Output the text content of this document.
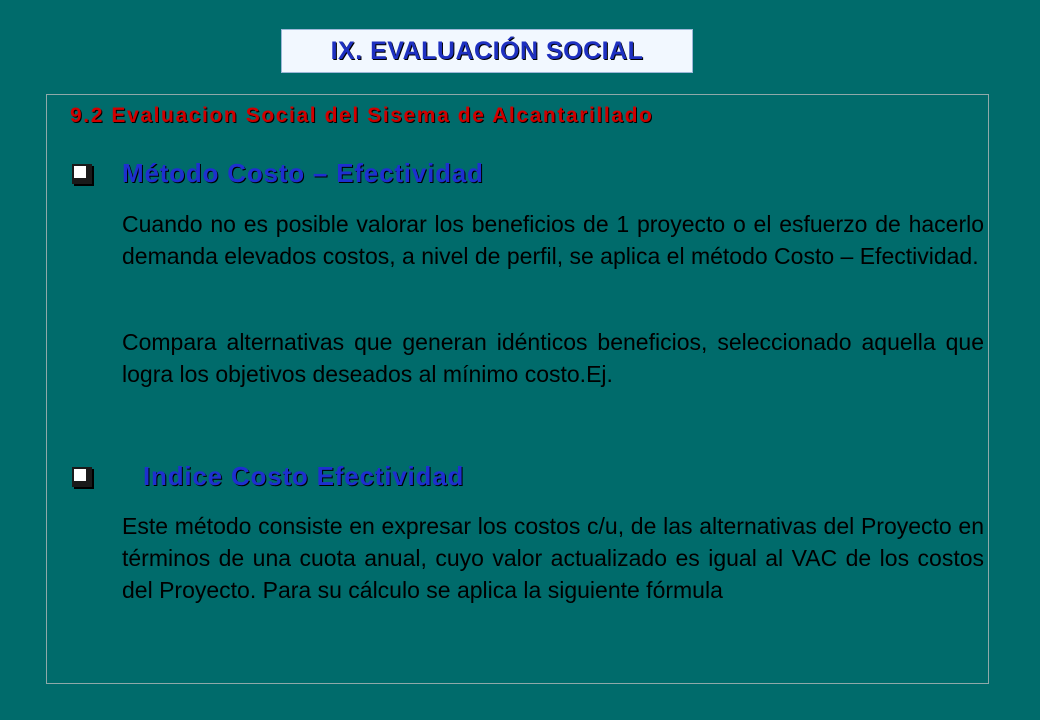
IX. EVALUACIÓN SOCIAL
9.2 Evaluacion Social del Sisema de Alcantarillado
Método Costo – Efectividad

Cuando no es posible valorar los beneficios de 1 proyecto o el esfuerzo de hacerlo demanda elevados costos, a nivel de perfil, se aplica el método Costo – Efectividad.

Compara alternativas que generan idénticos beneficios, seleccionado aquella que logra los objetivos deseados al mínimo costo.Ej.

Indice Costo Efectividad

Este método consiste en expresar los costos c/u, de las alternativas del Proyecto en términos de una cuota anual, cuyo valor actualizado es igual al VAC de los costos del Proyecto. Para su cálculo se aplica la siguiente fórmula
